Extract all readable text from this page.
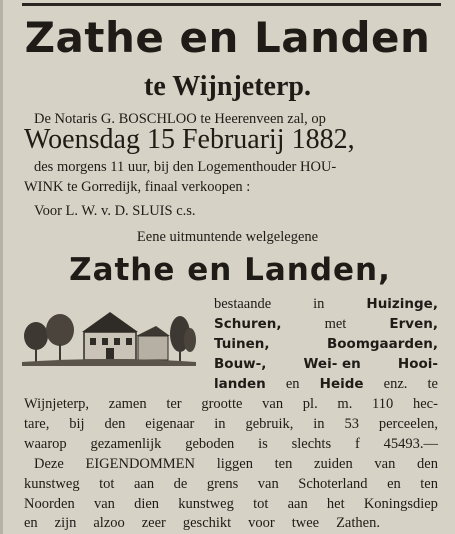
Zathe en Landen
te Wijnjeterp.
De Notaris G. BOSCHLOO te Heerenveen zal, op
Woensdag 15 Februarij 1882,
des morgens 11 uur, bij den Logementhouder HOU-
WINK te Gorredijk, finaal verkoopen :
Voor L. W. v. D. SLUIS c.s.
Eene uitmuntende welgelegene
Zathe en Landen,
bestaande	in	Huizinge,
Schuren,	met	Erven,
Tuinen,	Boomgaarden,
Bouw-,	Wei- en	Hooi-
landen en Heide enz. te
Wijnjeterp, zamen ter grootte van pl. m. 110 hec-
tare, bij den eigenaar in gebruik, in 53 perceelen,
waarop gezamenlijk geboden is slechts f 45493.—
Deze EIGENDOMMEN liggen ten zuiden van den
kunstweg tot aan de grens van Schoterland en ten
Noorden van dien kunstweg tot aan het Koningsdiep
en zijn alzoo zeer geschikt voor twee Zathen.
